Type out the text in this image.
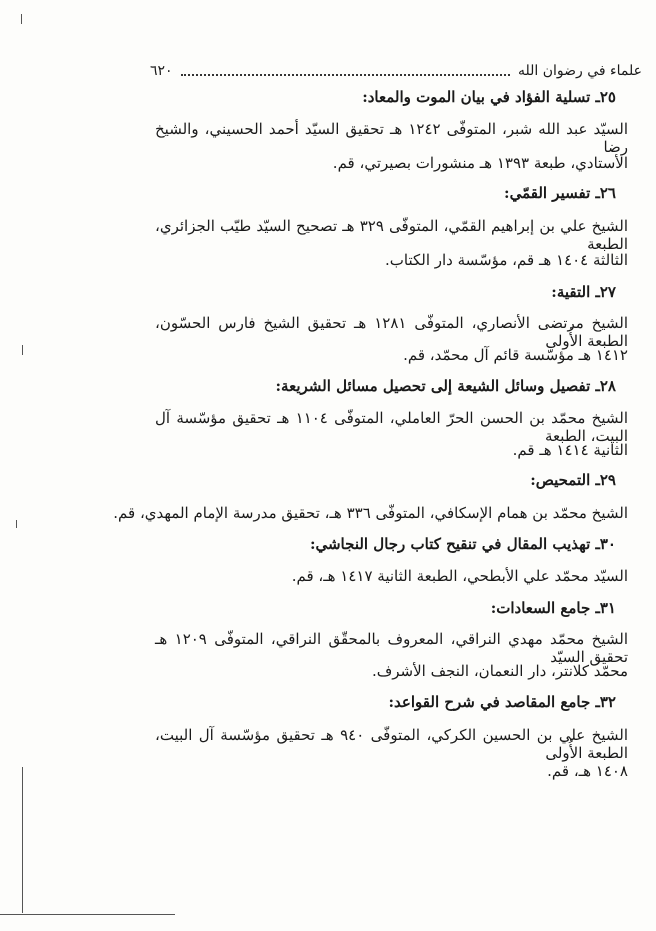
علماء في رضوان الله
٦٢٠
٢٥ـ تسلية الفؤاد في بيان الموت والمعاد:
السيّد عبد الله شبر، المتوفّى ١٢٤٢ هـ تحقيق السيّد أحمد الحسيني، والشيخ رضا
الأستادي، طبعة ١٣٩٣ هـ منشورات بصيرتي، قم.
٢٦ـ تفسير القمّي:
الشيخ علي بن إبراهيم القمّي، المتوفّى ٣٢٩ هـ تصحيح السيّد طيّب الجزائري، الطبعة
الثالثة ١٤٠٤ هـ قم، مؤسّسة دار الكتاب.
٢٧ـ التقية:
الشيخ مرتضى الأنصاري، المتوفّى ١٢٨١ هـ تحقيق الشيخ فارس الحسّون، الطبعة الأُولى
١٤١٢ هـ مؤسّسة قائم آل محمّد، قم.
٢٨ـ تفصيل وسائل الشيعة إلى تحصيل مسائل الشريعة:
الشيخ محمّد بن الحسن الحرّ العاملي، المتوفّى ١١٠٤ هـ تحقيق مؤسّسة آل البيت، الطبعة
الثانية ١٤١٤ هـ قم.
٢٩ـ التمحيص:
الشيخ محمّد بن همام الإسكافي، المتوفّى ٣٣٦ هـ، تحقيق مدرسة الإمام المهدي، قم.
٣٠ـ تهذيب المقال في تنقيح كتاب رجال النجاشي:
السيّد محمّد علي الأبطحي، الطبعة الثانية ١٤١٧ هـ، قم.
٣١ـ جامع السعادات:
الشيخ محمّد مهدي النراقي، المعروف بالمحقّق النراقي، المتوفّى ١٢٠٩ هـ تحقيق السيّد
محمّد كلانتر، دار النعمان، النجف الأشرف.
٣٢ـ جامع المقاصد في شرح القواعد:
الشيخ علي بن الحسين الكركي، المتوفّى ٩٤٠ هـ تحقيق مؤسّسة آل البيت، الطبعة الأُولى
١٤٠٨ هـ، قم.
